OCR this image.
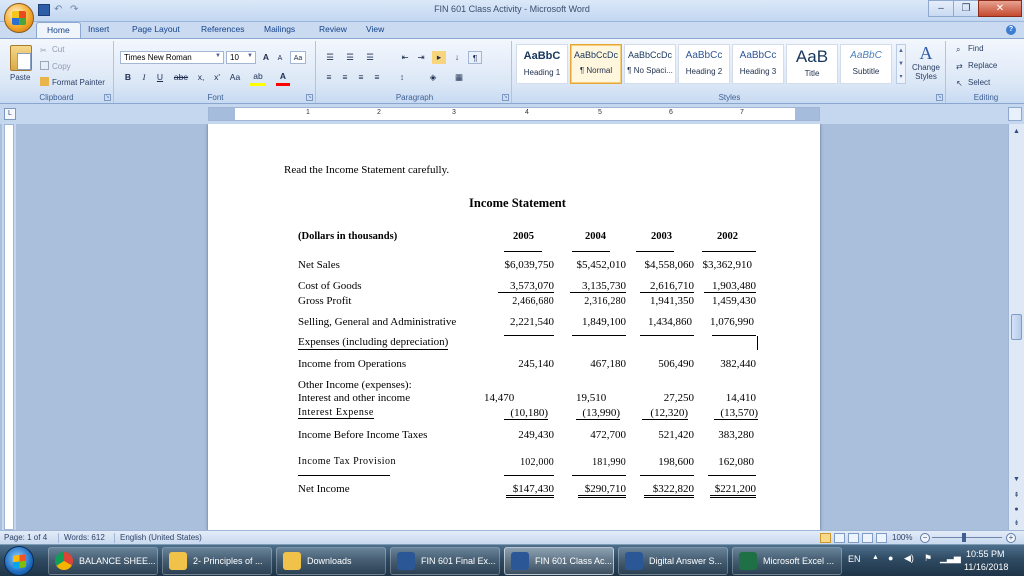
↶ ↷	FIN 601 Class Activity - Microsoft Word	–	❐	✕
Home	Insert	Page Layout	References Mailings	Review View	?
Paste
✂ Cut
Copy
Format Painter
Clipboard	↘
Times New Roman	▼	10 ▼	A	A	Aa
B	I	U	abe	x,	x'	Aa	ab	A
Font	↘
☰	☰	☰	⇤	⇥	▸	↓	¶
≡	≡	≡	≡	↕	◈	▦
Paragraph	↘	Styles	↘
AaBbC
Heading 1
AaBbCcDc
¶ Normal
AaBbCcDc
¶ No Spaci...
AaBbCc
Heading 2
AaBbCc
Heading 3
AaB
Title
AaBbC
Subtitle
▲
▼
▾
A
Change Styles
Editing
⌕ Find
⇄ Replace
↖ Select
L	1	2	3	4	5	6	7
Read the Income Statement carefully.
Income Statement
(Dollars in thousands)	2005	2004	2003	2002
Net Sales	$6,039,750	$5,452,010	$4,558,060 $3,362,910
Cost of Goods	3,573,070	3,135,730	2,616,710	1,903,480
Gross Profit	2,466,680	2,316,280	1,941,350	1,459,430
Selling, General and Administrative	2,221,540	1,849,100	1,434,860	1,076,990
Expenses (including depreciation)
Income from Operations	245,140	467,180	506,490	382,440
Other Income (expenses):
Interest and other income	14,470	19,510	27,250	14,410
Interest Expense	(10,180)	(13,990)	(12,320)	(13,570)
Income Before Income Taxes	249,430	472,700	521,420	383,280
Income Tax Provision	102,000	181,990	198,600	162,080
Net Income	$147,430	$290,710	$322,820	$221,200
▲
▼
⇞
●
⇟
Page: 1 of 4 Words: 612 English (United States)	100%	−	+
BALANCE SHEE...	2- Principles of ...	Downloads	FIN 601 Final Ex...	FIN 601 Class Ac...	Digital Answer S...	Microsoft Excel ... EN ▲ ● ◀) ⚑ ▁▃▅ 10:55 PM
11/16/2018
